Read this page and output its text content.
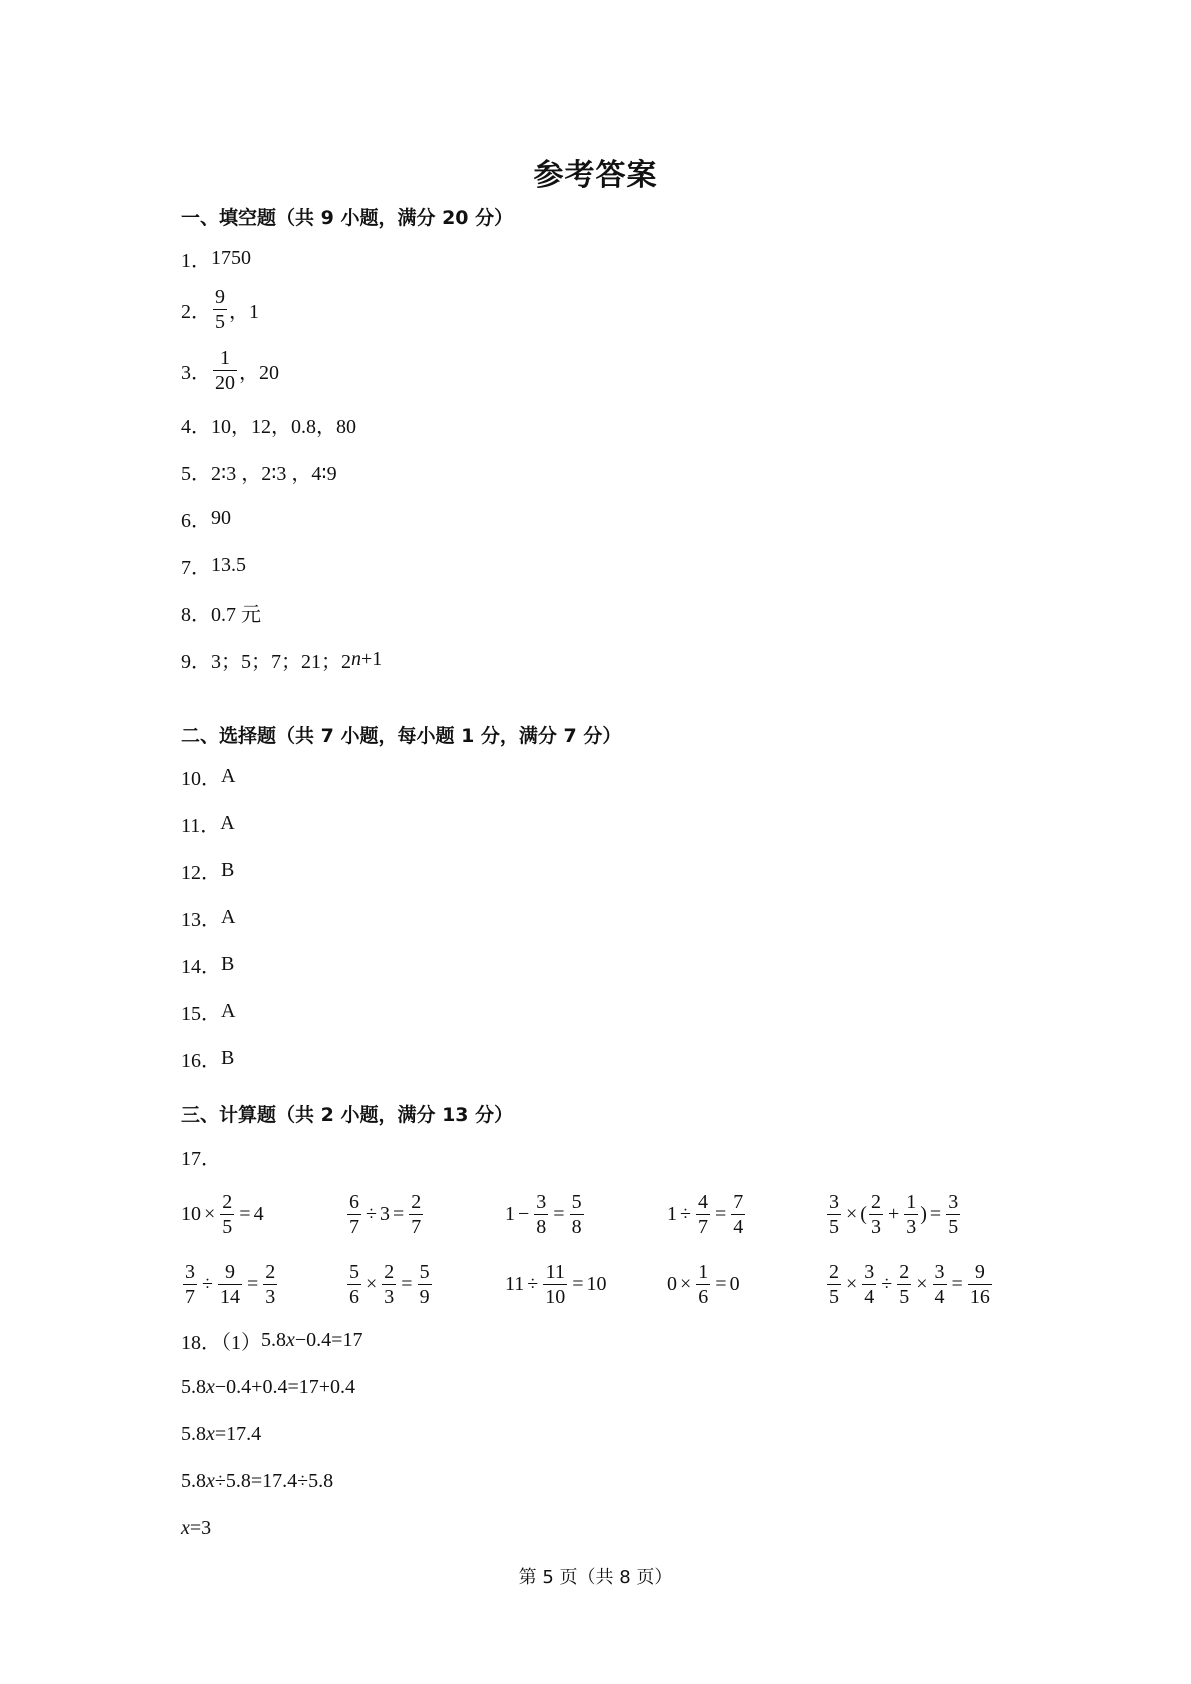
参考答案
一、填空题（共 9 小题，满分 20 分）
1． 1750
2． $\frac{9}{5}$ ，1
3． $\frac{1}{20}$ ，20
4． 10，12，0.8，80
5． 2∶3 ，2∶3 ，4∶9
6． 90
7． 13.5
8． 0.7 元
9． 3；5；7；21；2 n +1
二、选择题（共 7 小题，每小题 1 分，满分 7 分）
10． A
11． A
12． B
13． A
14． B
15． A
16． B
三、计算题（共 2 小题，满分 13 分）
17．
$10 \times \frac{2}{5} = 4$	$\frac{6}{7} \div 3 = \frac{2}{7}$	$1 - \frac{3}{8} = \frac{5}{8}$	$1 \div \frac{4}{7} = \frac{7}{4}$	$\frac{3}{5}$ × ( $\frac{2}{3} + \frac{1}{3}$ ) = $\frac{3}{5}$
$\frac{3}{7} \div \frac{9}{14} = \frac{2}{3}$	$\frac{5}{6} \times \frac{2}{3} = \frac{5}{9}$	$11 \div \frac{11}{10} = 10$	$0 \times \frac{1}{6} = 0$	$\frac{2}{5} \times \frac{3}{4} \div \frac{2}{5} \times \frac{3}{4} = \frac{9}{16}$
18．（1） 5.8 x −0.4=17
5.8 x −0.4+0.4=17+0.4
5.8 x =17.4
5.8 x ÷5.8=17.4÷5.8
x =3
第 5 页（共 8 页）
